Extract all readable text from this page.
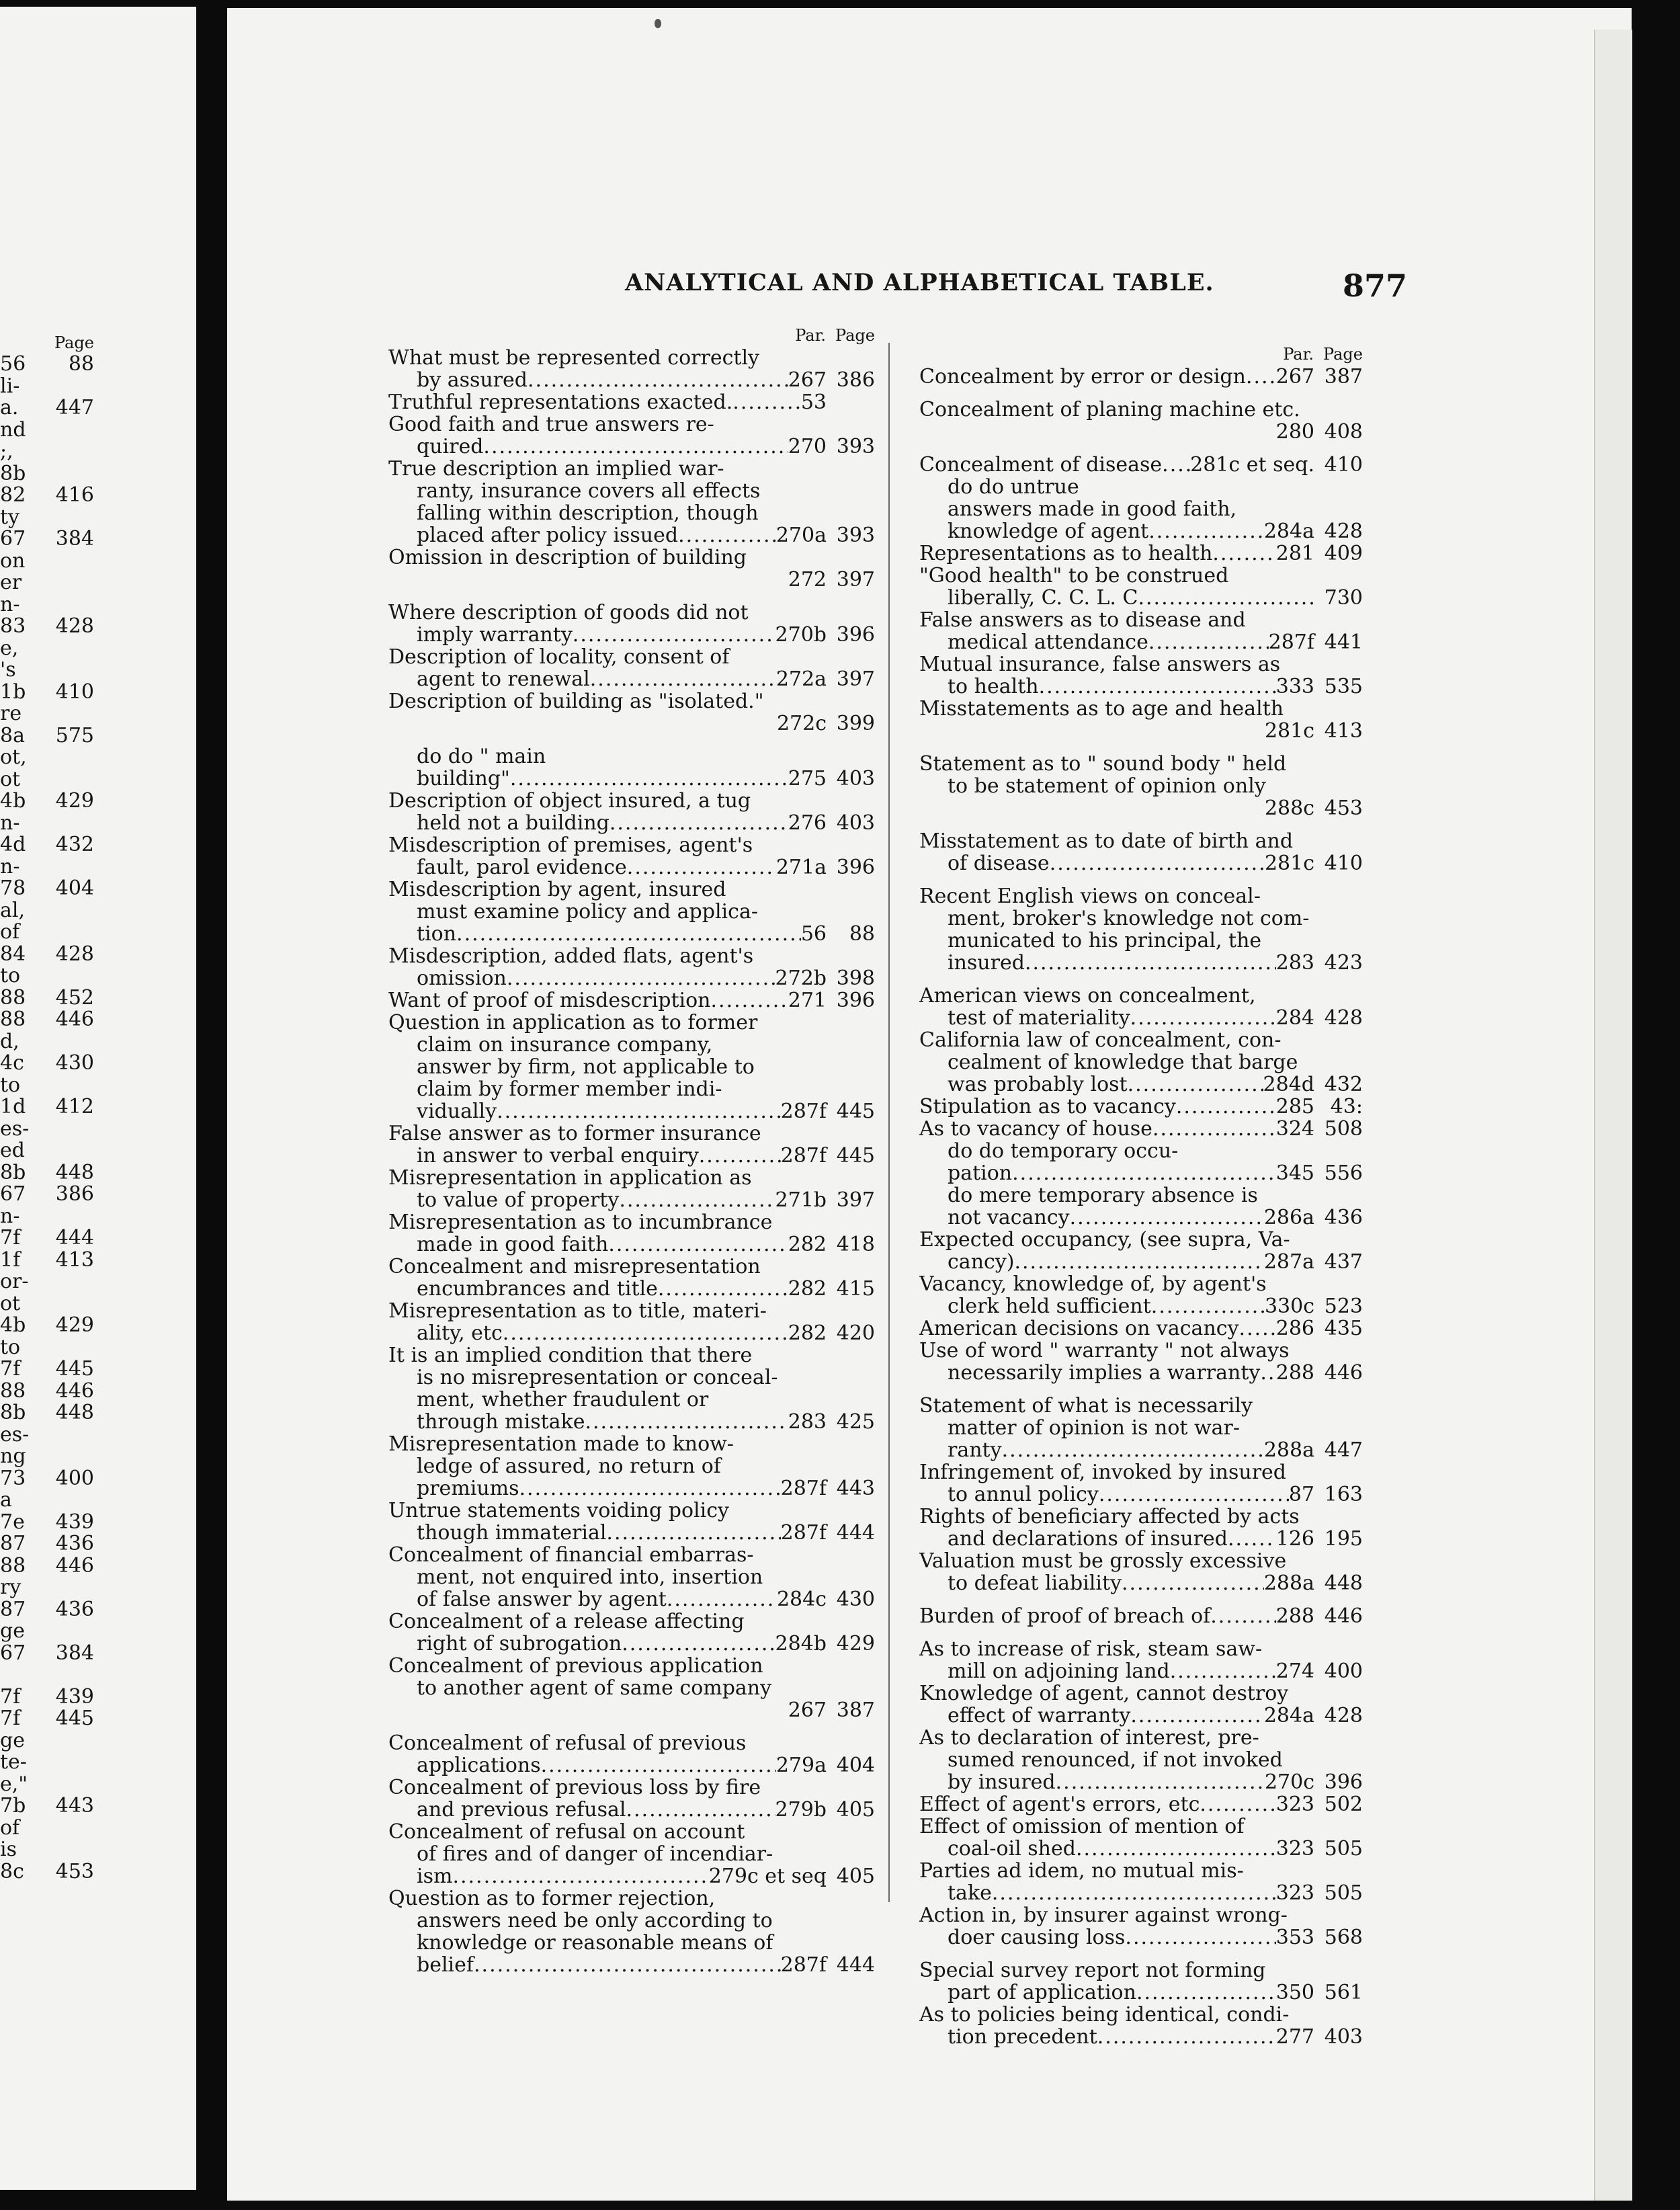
Page
56 88
li-
a. 447
nd
;,
8b
82 416
ty
67 384
on
er
n-
83 428
e,
's
1b 410
re
8a 575
ot,
ot
4b 429
n-
4d 432
n-
78 404
al,
of
84 428
to
88 452
88 446
d,
4c 430
to
1d 412
es-
ed
8b 448
67 386
n-
7f 444
1f 413
or-
ot
4b 429
to
7f 445
88 446
8b 448
es-
ng
73 400
a
7e 439
87 436
88 446
ry
87 436
ge
67 384
7f 439
7f 445
ge
te-
e,"
7b 443
of
is
8c 453
ANALYTICAL AND ALPHABETICAL TABLE.	877
Par. Page
What must be represented correctly
by assured .....	267 386
Truthful representations exacted. .....	53
Good faith and true answers re-
quired .....	270 393
True description an implied war-
ranty, insurance covers all effects
falling within description, though
placed after policy issued .....	270a 393
Omission in description of building
272 397
Where description of goods did not
imply warranty .....	270b 396
Description of locality, consent of
agent to renewal .....	272a 397
Description of building as "isolated."
272c 399
do do " main
building" .....	275 403
Description of object insured, a tug
held not a building .....	276 403
Misdescription of premises, agent's
fault, parol evidence .....	271a 396
Misdescription by agent, insured
must examine policy and applica-
tion .....	56	88
Misdescription, added flats, agent's
omission .....	272b 398
Want of proof of misdescription .....	271 396
Question in application as to former
claim on insurance company,
answer by firm, not applicable to
claim by former member indi-
vidually .....	287f 445
False answer as to former insurance
in answer to verbal enquiry .....	287f 445
Misrepresentation in application as
to value of property .....	271b 397
Misrepresentation as to incumbrance
made in good faith .....	282 418
Concealment and misrepresentation
encumbrances and title .....	282 415
Misrepresentation as to title, materi-
ality, etc .....	282 420
It is an implied condition that there
is no misrepresentation or conceal-
ment, whether fraudulent or
through mistake .....	283 425
Misrepresentation made to know-
ledge of assured, no return of
premiums .....	287f 443
Untrue statements voiding policy
though immaterial .....	287f 444
Concealment of financial embarras-
ment, not enquired into, insertion
of false answer by agent .....	284c 430
Concealment of a release affecting
right of subrogation .....	284b 429
Concealment of previous application
to another agent of same company
267 387
Concealment of refusal of previous
applications .....	279a 404
Concealment of previous loss by fire
and previous refusal .....	279b 405
Concealment of refusal on account
of fires and of danger of incendiar-
ism .....	279c et seq 405
Question as to former rejection,
answers need be only according to
knowledge or reasonable means of
belief .....	287f 444
Par. Page
Concealment by error or design ..... 267 387
Concealment of planing machine etc.
280 408
Concealment of disease ..... 281c et seq. 410
do do untrue
answers made in good faith,
knowledge of agent .....	284a 428
Representations as to health .....	281 409
"Good health" to be construed
liberally, C. C. L. C .....	730
False answers as to disease and
medical attendance .....	287f 441
Mutual insurance, false answers as
to health .....	333 535
Misstatements as to age and health
281c 413
Statement as to " sound body " held
to be statement of opinion only
288c 453
Misstatement as to date of birth and
of disease .....	281c 410
Recent English views on conceal-
ment, broker's knowledge not com-
municated to his principal, the
insured .....	283 423
American views on concealment,
test of materiality .....	284 428
California law of concealment, con-
cealment of knowledge that barge
was probably lost .....	284d 432
Stipulation as to vacancy .....	285 43:
As to vacancy of house .....	324 508
do do temporary occu-
pation .....	345 556
do mere temporary absence is
not vacancy .....	286a 436
Expected occupancy, (see supra, Va-
cancy) .....	287a 437
Vacancy, knowledge of, by agent's
clerk held sufficient .....	330c 523
American decisions on vacancy ..... 286 435
Use of word " warranty " not always
necessarily implies a warranty ..... 288 446
Statement of what is necessarily
matter of opinion is not war-
ranty .....	288a 447
Infringement of, invoked by insured
to annul policy .....	87 163
Rights of beneficiary affected by acts
and declarations of insured ..... 126 195
Valuation must be grossly excessive
to defeat liability .....	288a 448
Burden of proof of breach of .....	288 446
As to increase of risk, steam saw-
mill on adjoining land .....	274 400
Knowledge of agent, cannot destroy
effect of warranty .....	284a 428
As to declaration of interest, pre-
sumed renounced, if not invoked
by insured .....	270c 396
Effect of agent's errors, etc .....	323 502
Effect of omission of mention of
coal-oil shed .....	323 505
Parties ad idem, no mutual mis-
take .....	323 505
Action in, by insurer against wrong-
doer causing loss .....	353 568
Special survey report not forming
part of application .....	350 561
As to policies being identical, condi-
tion precedent .....	277 403
